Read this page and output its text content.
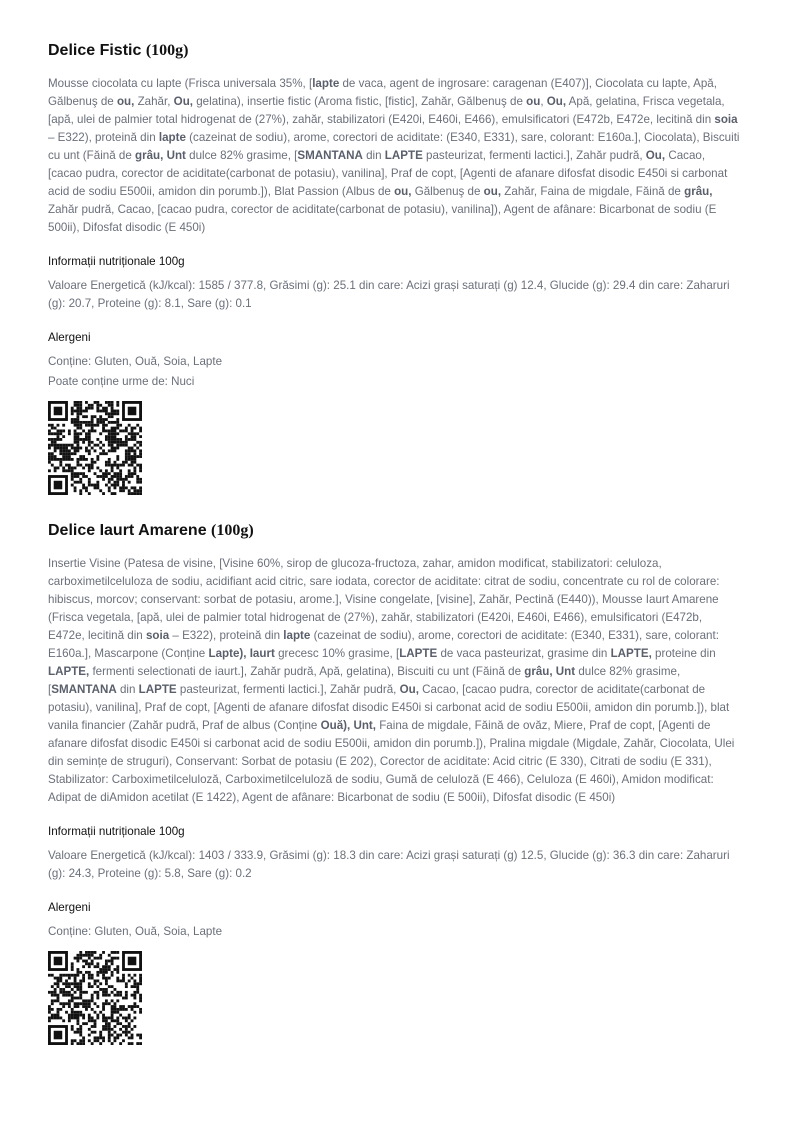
Delice Fistic (100g)

Mousse ciocolata cu lapte (Frisca universala 35%, [lapte de vaca, agent de ingrosare: caragenan (E407)], Ciocolata cu lapte, Apă, Gălbenuş de ou, Zahăr, Ou, gelatina), insertie fistic (Aroma fistic, [fistic], Zahăr, Gălbenuş de ou, Ou, Apă, gelatina, Frisca vegetala, [apă, ulei de palmier total hidrogenat de (27%), zahăr, stabilizatori (E420i, E460i, E466), emulsificatori (E472b, E472e, lecitină din soia – E322), proteină din lapte (cazeinat de sodiu), arome, corectori de aciditate: (E340, E331), sare, colorant: E160a.], Ciocolata), Biscuiti cu unt (Făină de grâu, Unt dulce 82% grasime, [SMANTANA din LAPTE pasteurizat, fermenti lactici.], Zahăr pudră, Ou, Cacao, [cacao pudra, corector de aciditate(carbonat de potasiu), vanilina], Praf de copt, [Agenti de afanare difosfat disodic E450i si carbonat acid de sodiu E500ii, amidon din porumb.]), Blat Passion (Albus de ou, Gălbenuş de ou, Zahăr, Faina de migdale, Făină de grâu, Zahăr pudră, Cacao, [cacao pudra, corector de aciditate(carbonat de potasiu), vanilina]), Agent de afânare: Bicarbonat de sodiu (E 500ii), Difosfat disodic (E 450i)

Informații nutriționale 100g

Valoare Energetică (kJ/kcal): 1585 / 377.8, Grăsimi (g): 25.1 din care: Acizi grași saturați (g) 12.4, Glucide (g): 29.4 din care: Zaharuri (g): 20.7, Proteine (g): 8.1, Sare (g): 0.1

Alergeni

Conține: Gluten, Ouă, Soia, Lapte

Poate conține urme de: Nuci

Delice Iaurt Amarene (100g)

Insertie Visine (Patesa de visine, [Visine 60%, sirop de glucoza-fructoza, zahar, amidon modificat, stabilizatori: celuloza, carboximetilceluloza de sodiu, acidifiant acid citric, sare iodata, corector de aciditate: citrat de sodiu, concentrate cu rol de colorare: hibiscus, morcov; conservant: sorbat de potasiu, arome.], Visine congelate, [visine], Zahăr, Pectină (E440)), Mousse Iaurt Amarene (Frisca vegetala, [apă, ulei de palmier total hidrogenat de (27%), zahăr, stabilizatori (E420i, E460i, E466), emulsificatori (E472b, E472e, lecitină din soia – E322), proteină din lapte (cazeinat de sodiu), arome, corectori de aciditate: (E340, E331), sare, colorant: E160a.], Mascarpone (Conține Lapte), Iaurt grecesc 10% grasime, [LAPTE de vaca pasteurizat, grasime din LAPTE, proteine din LAPTE, fermenti selectionati de iaurt.], Zahăr pudră, Apă, gelatina), Biscuiti cu unt (Făină de grâu, Unt dulce 82% grasime, [SMANTANA din LAPTE pasteurizat, fermenti lactici.], Zahăr pudră, Ou, Cacao, [cacao pudra, corector de aciditate(carbonat de potasiu), vanilina], Praf de copt, [Agenti de afanare difosfat disodic E450i si carbonat acid de sodiu E500ii, amidon din porumb.]), blat vanila financier (Zahăr pudră, Praf de albus (Conține Ouă), Unt, Faina de migdale, Făină de ovăz, Miere, Praf de copt, [Agenti de afanare difosfat disodic E450i si carbonat acid de sodiu E500ii, amidon din porumb.]), Pralina migdale (Migdale, Zahăr, Ciocolata, Ulei din semințe de struguri), Conservant: Sorbat de potasiu (E 202), Corector de aciditate: Acid citric (E 330), Citrati de sodiu (E 331), Stabilizator: Carboximetilceluloză, Carboximetilceluloză de sodiu, Gumă de celuloză (E 466), Celuloza (E 460i), Amidon modificat: Adipat de diAmidon acetilat (E 1422), Agent de afânare: Bicarbonat de sodiu (E 500ii), Difosfat disodic (E 450i)

Informații nutriționale 100g

Valoare Energetică (kJ/kcal): 1403 / 333.9, Grăsimi (g): 18.3 din care: Acizi grași saturați (g) 12.5, Glucide (g): 36.3 din care: Zaharuri (g): 24.3, Proteine (g): 5.8, Sare (g): 0.2

Alergeni

Conține: Gluten, Ouă, Soia, Lapte
